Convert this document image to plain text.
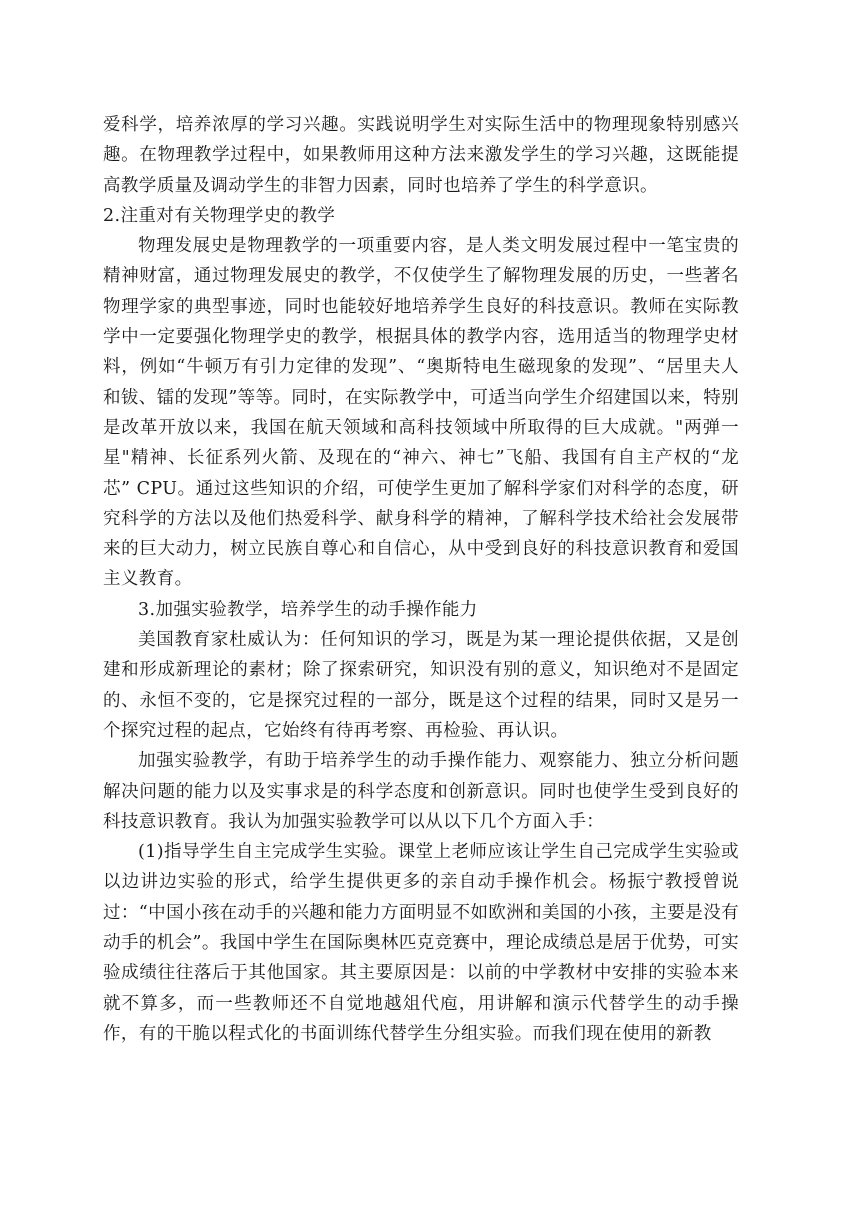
爱科学，培养浓厚的学习兴趣。实践说明学生对实际生活中的物理现象特别感兴趣。在物理教学过程中，如果教师用这种方法来激发学生的学习兴趣，这既能提高教学质量及调动学生的非智力因素，同时也培养了学生的科学意识。

2.注重对有关物理学史的教学

物理发展史是物理教学的一项重要内容，是人类文明发展过程中一笔宝贵的精神财富，通过物理发展史的教学，不仅使学生了解物理发展的历史，一些著名物理学家的典型事迹，同时也能较好地培养学生良好的科技意识。教师在实际教学中一定要强化物理学史的教学，根据具体的教学内容，选用适当的物理学史材料，例如“牛顿万有引力定律的发现”、“奥斯特电生磁现象的发现”、“居里夫人和钹、镭的发现”等等。同时，在实际教学中，可适当向学生介绍建国以来，特别是改革开放以来，我国在航天领域和高科技领域中所取得的巨大成就。"两弹一星"精神、长征系列火箭、及现在的“神六、神七”飞船、我国有自主产权的“龙芯” CPU。通过这些知识的介绍，可使学生更加了解科学家们对科学的态度，研究科学的方法以及他们热爱科学、献身科学的精神，了解科学技术给社会发展带来的巨大动力，树立民族自尊心和自信心，从中受到良好的科技意识教育和爱国主义教育。

3.加强实验教学，培养学生的动手操作能力

美国教育家杜威认为：任何知识的学习，既是为某一理论提供依据，又是创建和形成新理论的素材；除了探索研究，知识没有别的意义，知识绝对不是固定的、永恒不变的，它是探究过程的一部分，既是这个过程的结果，同时又是另一个探究过程的起点，它始终有待再考察、再检验、再认识。

加强实验教学，有助于培养学生的动手操作能力、观察能力、独立分析问题解决问题的能力以及实事求是的科学态度和创新意识。同时也使学生受到良好的科技意识教育。我认为加强实验教学可以从以下几个方面入手：

(1)指导学生自主完成学生实验。课堂上老师应该让学生自己完成学生实验或以边讲边实验的形式，给学生提供更多的亲自动手操作机会。杨振宁教授曾说过：“中国小孩在动手的兴趣和能力方面明显不如欧洲和美国的小孩，主要是没有动手的机会”。我国中学生在国际奥林匹克竞赛中，理论成绩总是居于优势，可实验成绩往往落后于其他国家。其主要原因是：以前的中学教材中安排的实验本来就不算多，而一些教师还不自觉地越俎代庖，用讲解和演示代替学生的动手操作，有的干脆以程式化的书面训练代替学生分组实验。而我们现在使用的新教
